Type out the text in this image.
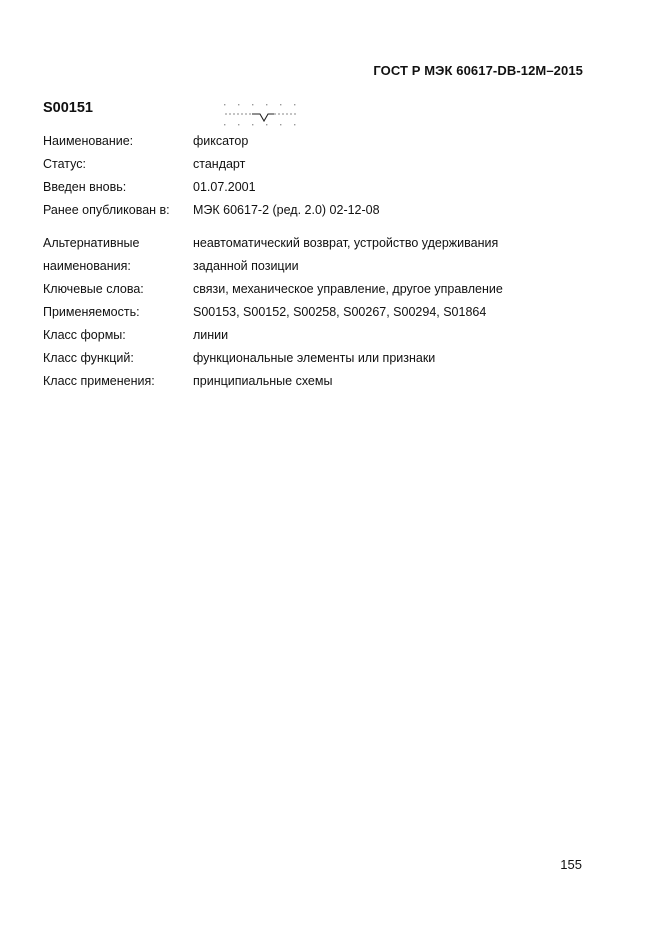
ГОСТ Р МЭК 60617-DB-12M–2015
S00151
Наименование:	фиксатор
Статус:	стандарт
Введен вновь:	01.07.2001
Ранее опубликован в: МЭК 60617-2 (ред. 2.0) 02-12-08
Альтернативные	неавтоматический возврат, устройство удерживания
наименования:	заданной позиции
Ключевые слова:	связи, механическое управление, другое управление
Применяемость:	S00153, S00152, S00258, S00267, S00294, S01864
Класс формы:	линии
Класс функций:	функциональные элементы или признаки
Класс применения:	принципиальные схемы
155
